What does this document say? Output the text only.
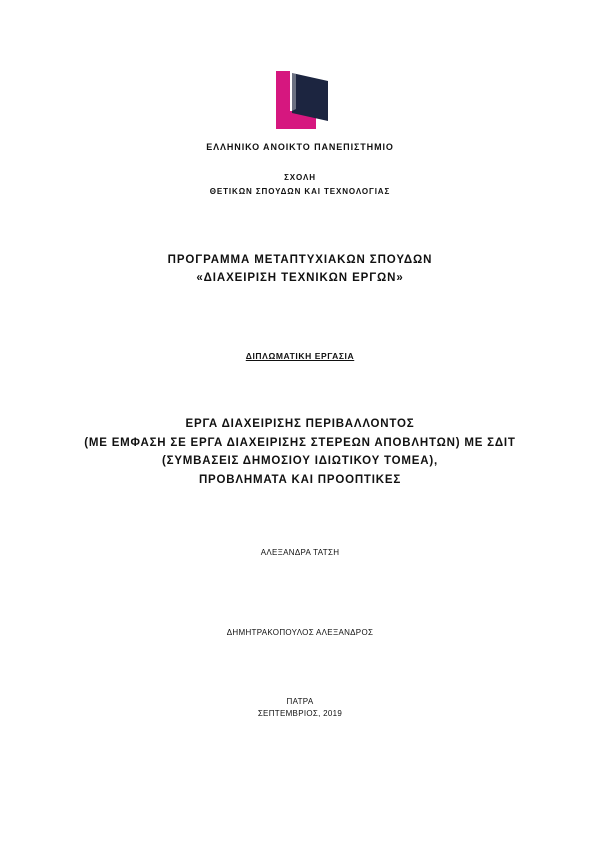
ΕΛΛΗΝΙΚΟ ΑΝΟΙΚΤΟ ΠΑΝΕΠΙΣΤΗΜΙΟ
ΣΧΟΛΗ
ΘΕΤΙΚΩΝ ΣΠΟΥΔΩΝ ΚΑΙ ΤΕΧΝΟΛΟΓΙΑΣ
ΠΡΟΓΡΑΜΜΑ ΜΕΤΑΠΤΥΧΙΑΚΩΝ ΣΠΟΥΔΩΝ
«ΔΙΑΧΕΙΡΙΣΗ ΤΕΧΝΙΚΩΝ ΕΡΓΩΝ»
ΔΙΠΛΩΜΑΤΙΚΗ ΕΡΓΑΣΙΑ
ΕΡΓΑ ΔΙΑΧΕΙΡΙΣΗΣ ΠΕΡΙΒΑΛΛΟΝΤΟΣ
(ΜΕ ΕΜΦΑΣΗ ΣΕ ΕΡΓΑ ΔΙΑΧΕΙΡΙΣΗΣ ΣΤΕΡΕΩΝ ΑΠΟΒΛΗΤΩΝ) ΜΕ ΣΔΙΤ
(ΣΥΜΒΑΣΕΙΣ ΔΗΜΟΣΙΟΥ ΙΔΙΩΤΙΚΟΥ ΤΟΜΕΑ),
ΠΡΟΒΛΗΜΑΤΑ ΚΑΙ ΠΡΟΟΠΤΙΚΕΣ
ΑΛΕΞΑΝΔΡΑ ΤΑΤΣΗ
ΔΗΜΗΤΡΑΚΟΠΟΥΛΟΣ ΑΛΕΞΑΝΔΡΟΣ
ΠΑΤΡΑ
ΣΕΠΤΕΜΒΡΙΟΣ, 2019
